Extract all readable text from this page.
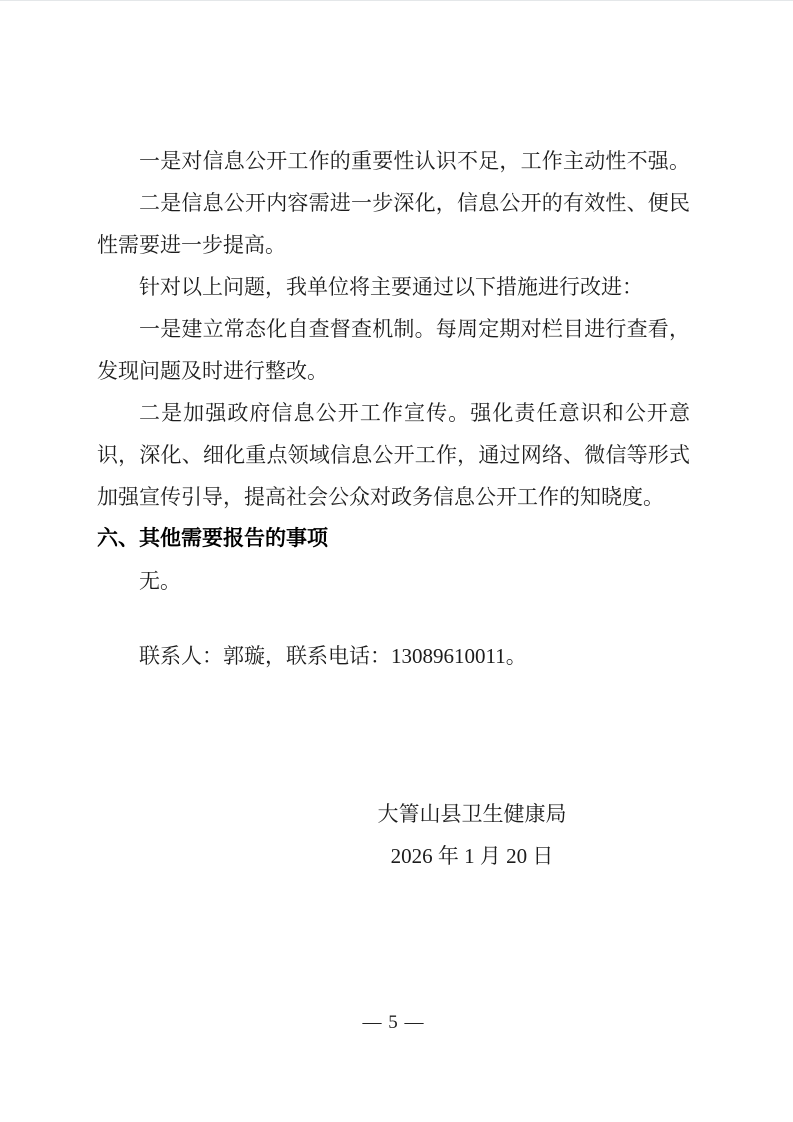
一是对信息公开工作的重要性认识不足，工作主动性不强。
二是信息公开内容需进一步深化，信息公开的有效性、便民
性需要进一步提高。
针对以上问题，我单位将主要通过以下措施进行改进：
一是建立常态化自查督查机制。每周定期对栏目进行查看，
发现问题及时进行整改。
二是加强政府信息公开工作宣传。强化责任意识和公开意
识，深化、细化重点领域信息公开工作，通过网络、微信等形式
加强宣传引导，提高社会公众对政务信息公开工作的知晓度。
六、其他需要报告的事项
无。
联系人：郭璇，联系电话：13089610011。
大箐山县卫生健康局
2026 年 1 月 20 日
— 5 —
